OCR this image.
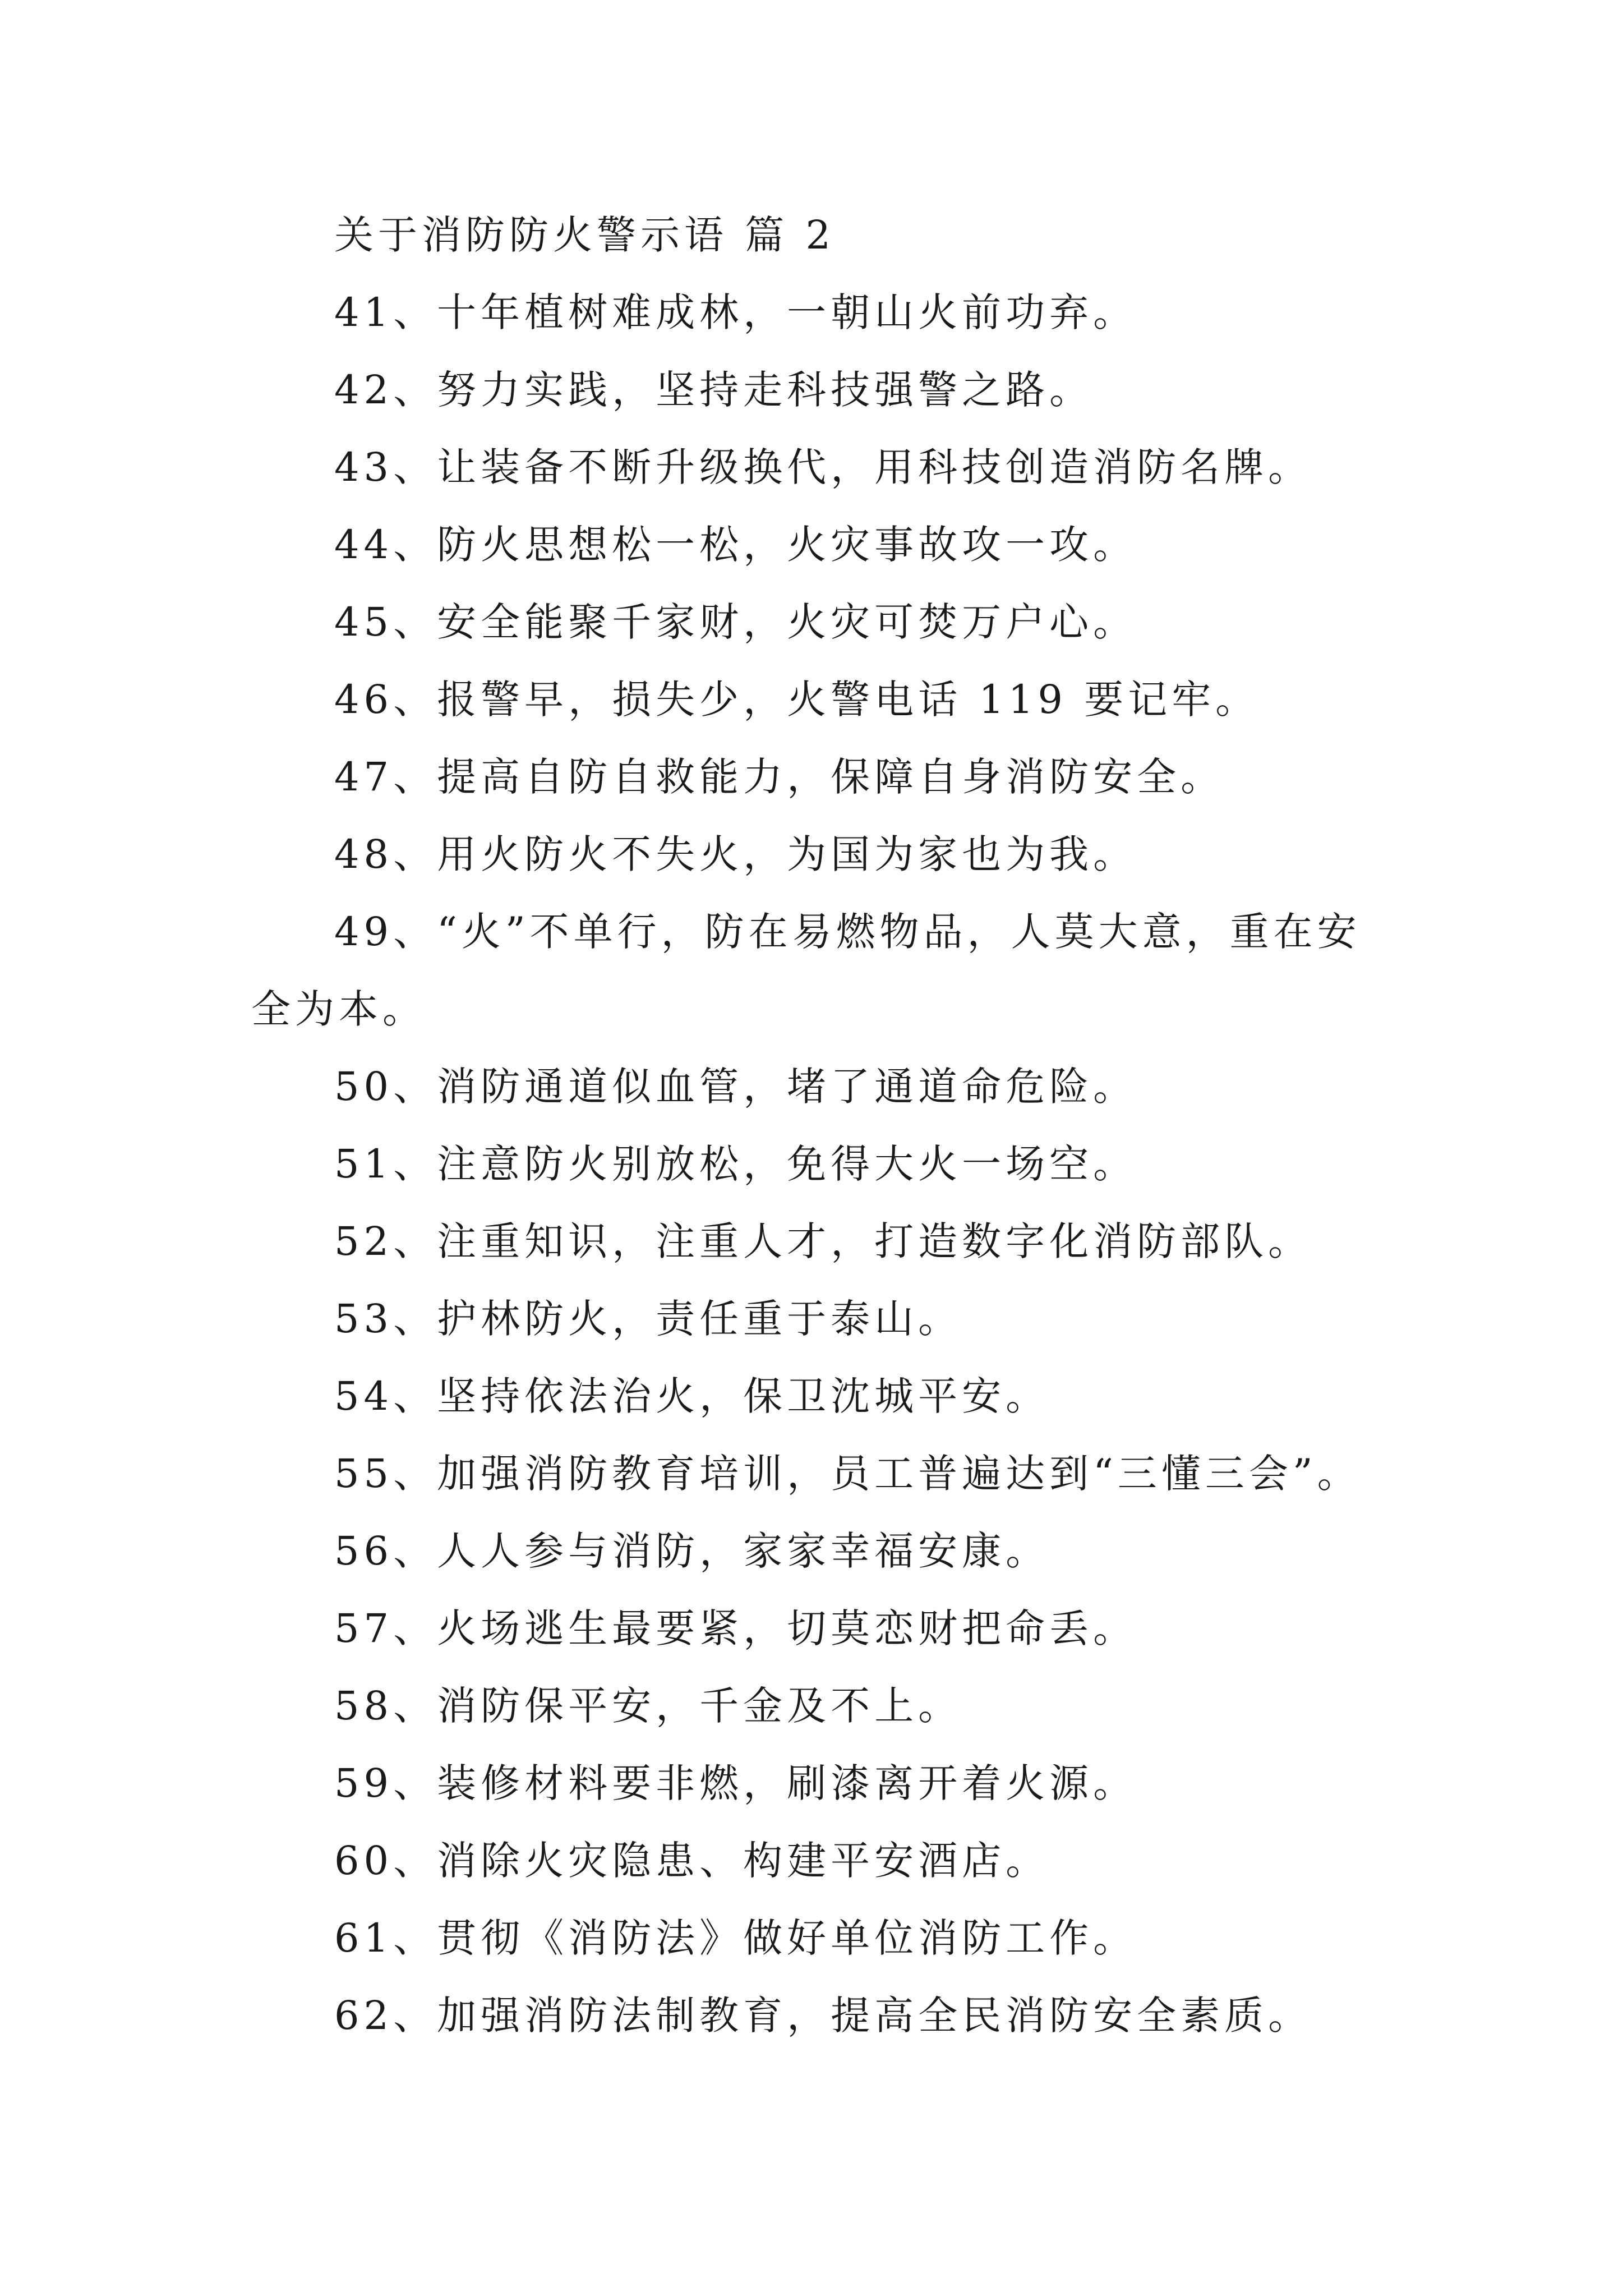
关于消防防火警示语 篇 2
41、十年植树难成林，一朝山火前功弃。
42、努力实践，坚持走科技强警之路。
43、让装备不断升级换代，用科技创造消防名牌。
44、防火思想松一松，火灾事故攻一攻。
45、安全能聚千家财，火灾可焚万户心。
46、报警早，损失少，火警电话 119 要记牢。
47、提高自防自救能力，保障自身消防安全。
48、用火防火不失火，为国为家也为我。
49、“火”不单行，防在易燃物品，人莫大意，重在安全为本。
50、消防通道似血管，堵了通道命危险。
51、注意防火别放松，免得大火一场空。
52、注重知识，注重人才，打造数字化消防部队。
53、护林防火，责任重于泰山。
54、坚持依法治火，保卫沈城平安。
55、加强消防教育培训，员工普遍达到“三懂三会”。
56、人人参与消防，家家幸福安康。
57、火场逃生最要紧，切莫恋财把命丢。
58、消防保平安，千金及不上。
59、装修材料要非燃，刷漆离开着火源。
60、消除火灾隐患、构建平安酒店。
61、贯彻《消防法》做好单位消防工作。
62、加强消防法制教育，提高全民消防安全素质。
